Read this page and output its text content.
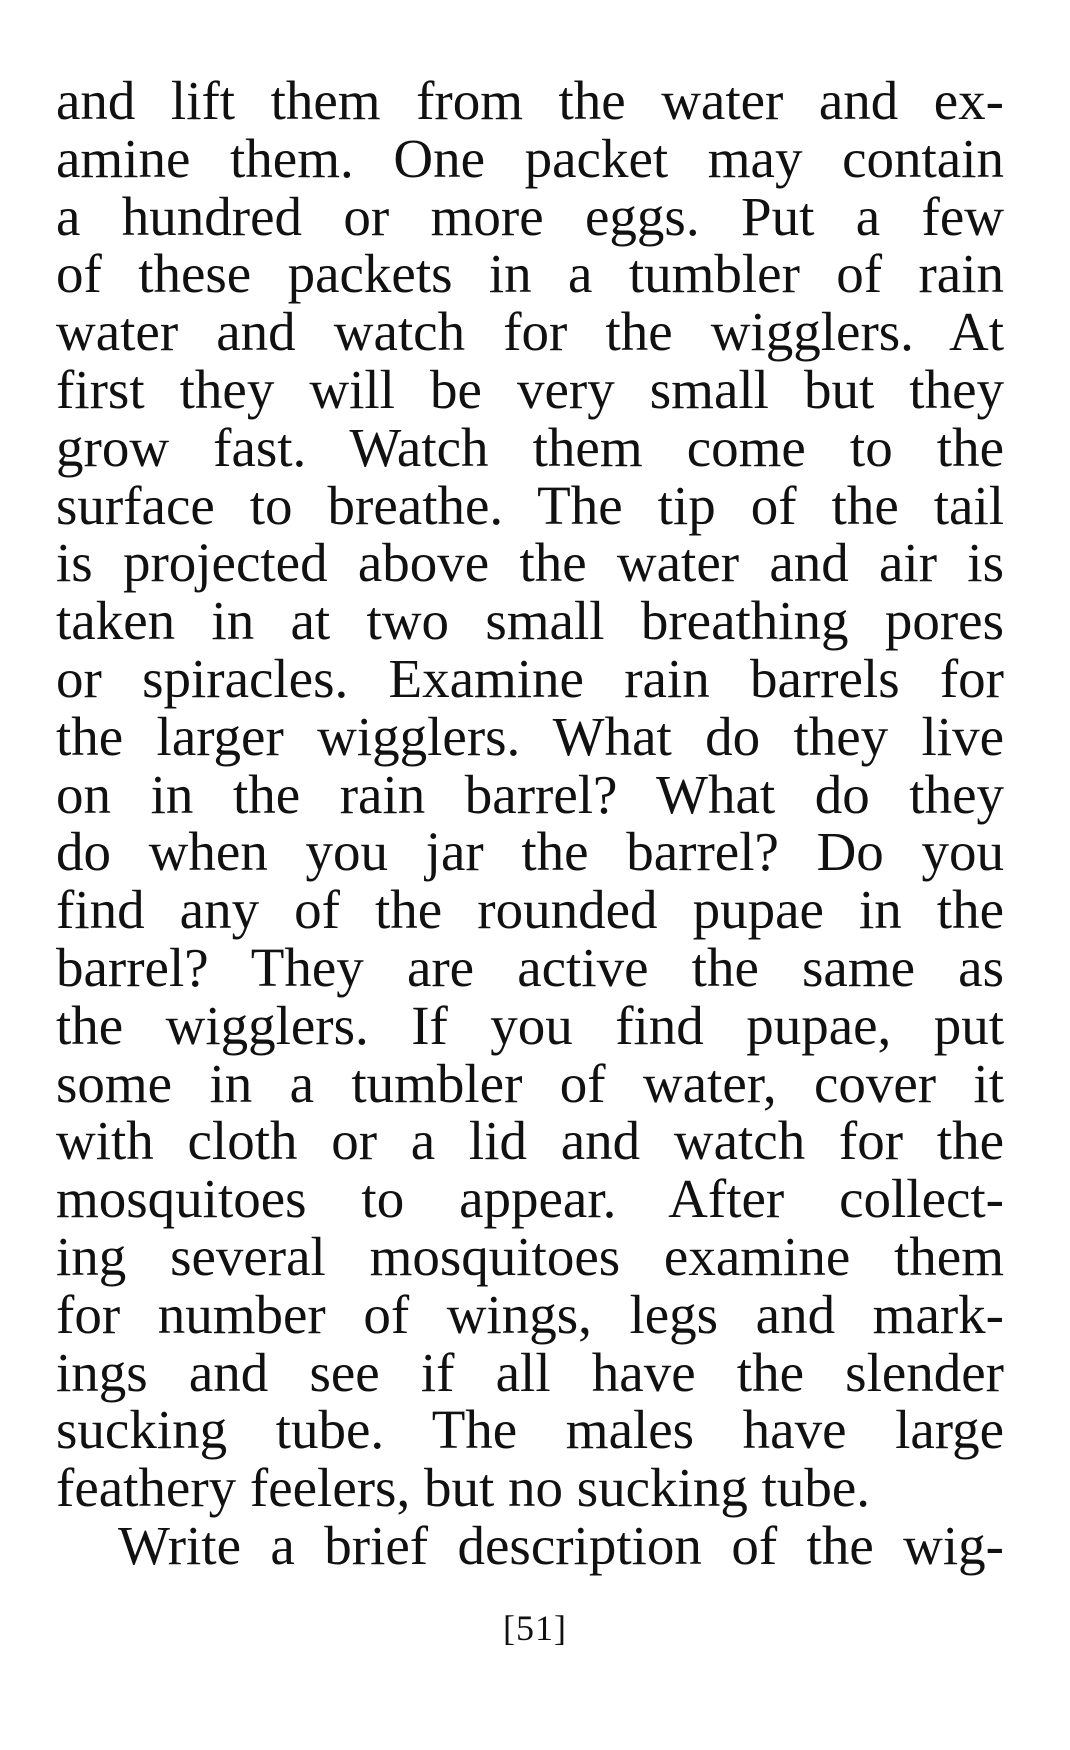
and lift them from the water and ex-
amine them. One packet may contain
a hundred or more eggs. Put a few
of these packets in a tumbler of rain
water and watch for the wigglers. At
first they will be very small but they
grow fast. Watch them come to the
surface to breathe. The tip of the tail
is projected above the water and air is
taken in at two small breathing pores
or spiracles. Examine rain barrels for
the larger wigglers. What do they live
on in the rain barrel? What do they
do when you jar the barrel? Do you
find any of the rounded pupae in the
barrel? They are active the same as
the wigglers. If you find pupae, put
some in a tumbler of water, cover it
with cloth or a lid and watch for the
mosquitoes to appear. After collect-
ing several mosquitoes examine them
for number of wings, legs and mark-
ings and see if all have the slender
sucking tube. The males have large
feathery feelers, but no sucking tube.
Write a brief description of the wig-
[51]
